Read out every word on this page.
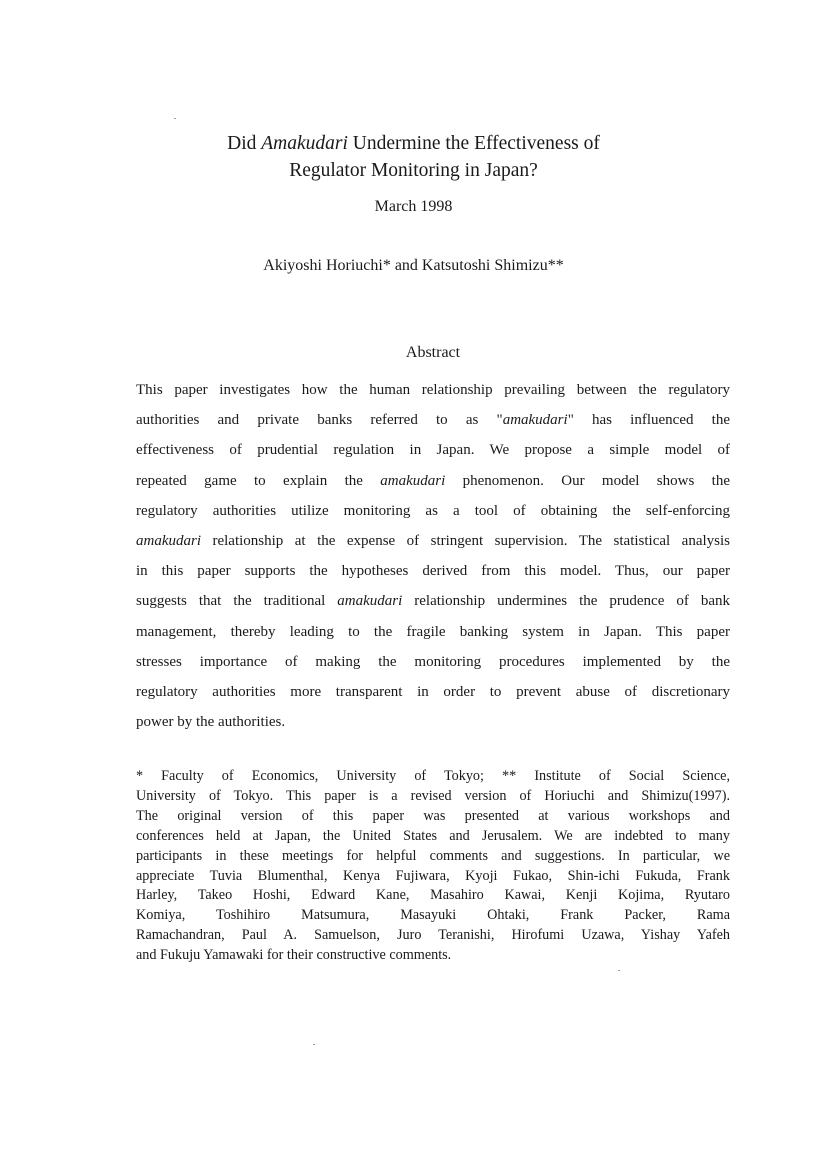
Did Amakudari Undermine the Effectiveness of
Regulator Monitoring in Japan?
March 1998
Akiyoshi Horiuchi* and Katsutoshi Shimizu**
Abstract
This paper investigates how the human relationship prevailing between the regulatory
authorities and private banks referred to as "amakudari" has influenced the
effectiveness of prudential regulation in Japan. We propose a simple model of
repeated game to explain the amakudari phenomenon. Our model shows the
regulatory authorities utilize monitoring as a tool of obtaining the self-enforcing
amakudari relationship at the expense of stringent supervision. The statistical analysis
in this paper supports the hypotheses derived from this model. Thus, our paper
suggests that the traditional amakudari relationship undermines the prudence of bank
management, thereby leading to the fragile banking system in Japan. This paper
stresses importance of making the monitoring procedures implemented by the
regulatory authorities more transparent in order to prevent abuse of discretionary
power by the authorities.
* Faculty of Economics, University of Tokyo; ** Institute of Social Science,
University of Tokyo. This paper is a revised version of Horiuchi and Shimizu(1997).
The original version of this paper was presented at various workshops and
conferences held at Japan, the United States and Jerusalem. We are indebted to many
participants in these meetings for helpful comments and suggestions. In particular, we
appreciate Tuvia Blumenthal, Kenya Fujiwara, Kyoji Fukao, Shin-ichi Fukuda, Frank
Harley, Takeo Hoshi, Edward Kane, Masahiro Kawai, Kenji Kojima, Ryutaro
Komiya, Toshihiro Matsumura, Masayuki Ohtaki, Frank Packer, Rama
Ramachandran, Paul A. Samuelson, Juro Teranishi, Hirofumi Uzawa, Yishay Yafeh
and Fukuju Yamawaki for their constructive comments.
